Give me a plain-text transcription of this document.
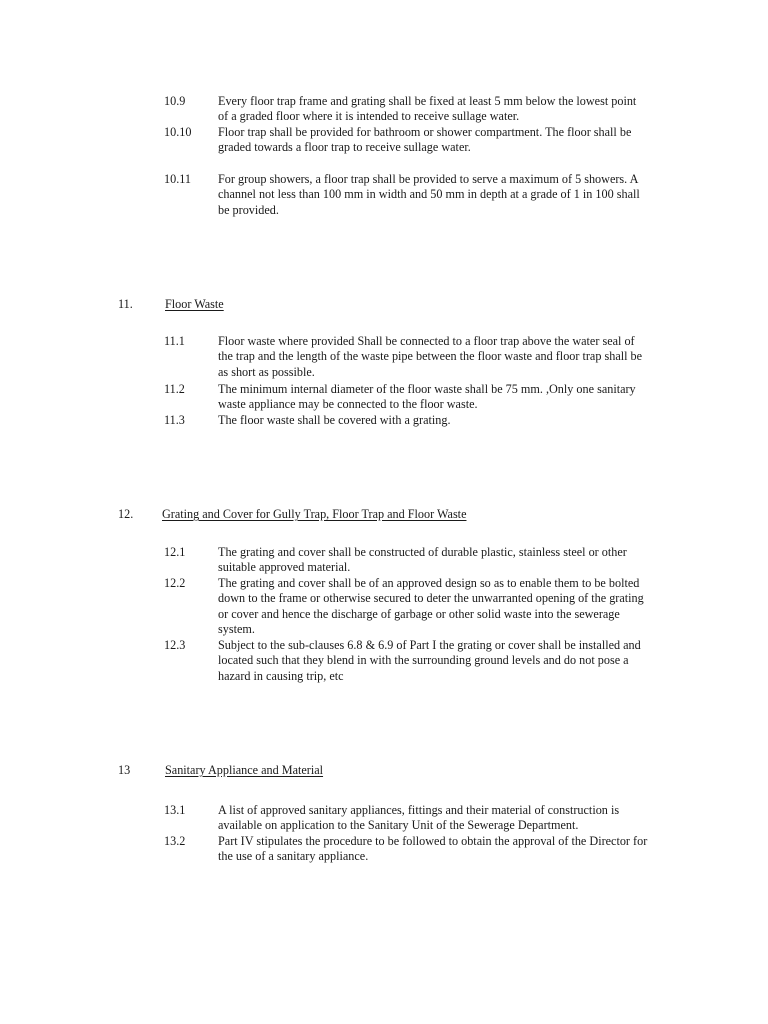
10.9	Every floor trap frame and grating shall be fixed at least 5 mm below the lowest point of a graded floor where it is intended to receive sullage water.
10.10 Floor trap shall be provided for bathroom or shower compartment. The floor shall be graded towards a floor trap to receive sullage water.
10.11 For group showers, a floor trap shall be provided to serve a maximum of 5 showers. A channel not less than 100 mm in width and 50 mm in depth at a grade of 1 in 100 shall be provided.
11.	Floor Waste
11.1	Floor waste where provided Shall be connected to a floor trap above the water seal of the trap and the length of the waste pipe between the floor waste and floor trap shall be as short as possible.
11.2	The minimum internal diameter of the floor waste shall be 75 mm. ,Only one sanitary waste appliance may be connected to the floor waste.
11.3	The floor waste shall be covered with a grating.
12. Grating and Cover for Gully Trap, Floor Trap and Floor Waste
12.1	The grating and cover shall be constructed of durable plastic, stainless steel or other suitable approved material.
12.2	The grating and cover shall be of an approved design so as to enable them to be bolted down to the frame or otherwise secured to deter the unwarranted opening of the grating or cover and hence the discharge of garbage or other solid waste into the sewerage system.
12.3	Subject to the sub-clauses 6.8 & 6.9 of Part I the grating or cover shall be installed and located such that they blend in with the surrounding ground levels and do not pose a hazard in causing trip, etc
13	Sanitary Appliance and Material
13.1	A list of approved sanitary appliances, fittings and their material of construction is available on application to the Sanitary Unit of the Sewerage Department.
13.2	Part IV stipulates the procedure to be followed to obtain the approval of the Director for the use of a sanitary appliance.
